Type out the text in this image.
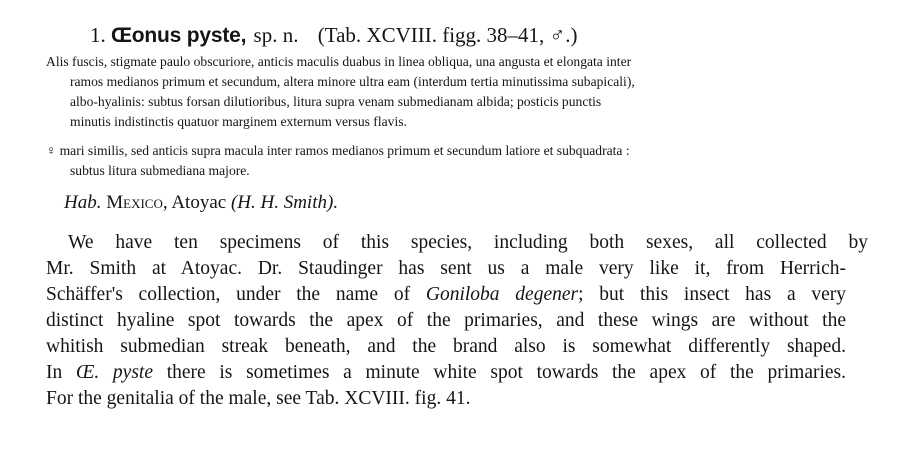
1. Œonus pyste, sp. n. (Tab. XCVIII. figg. 38–41, ♂.)
Alis fuscis, stigmate paulo obscuriore, anticis maculis duabus in linea obliqua, una angusta et elongata inter
ramos medianos primum et secundum, altera minore ultra eam (interdum tertia minutissima subapicali),
albo-hyalinis: subtus forsan dilutioribus, litura supra venam submedianam albida; posticis punctis
minutis indistinctis quatuor marginem externum versus flavis.
♀ mari similis, sed anticis supra macula inter ramos medianos primum et secundum latiore et subquadrata :
subtus litura submediana majore.
Hab. Mexico, Atoyac (H. H. Smith).
We have ten specimens of this species, including both sexes, all collected by
Mr. Smith at Atoyac. Dr. Staudinger has sent us a male very like it, from Herrich-
Schäffer's collection, under the name of Goniloba degener; but this insect has a very
distinct hyaline spot towards the apex of the primaries, and these wings are without the
whitish submedian streak beneath, and the brand also is somewhat differently shaped.
In Œ. pyste there is sometimes a minute white spot towards the apex of the primaries.
For the genitalia of the male, see Tab. XCVIII. fig. 41.
